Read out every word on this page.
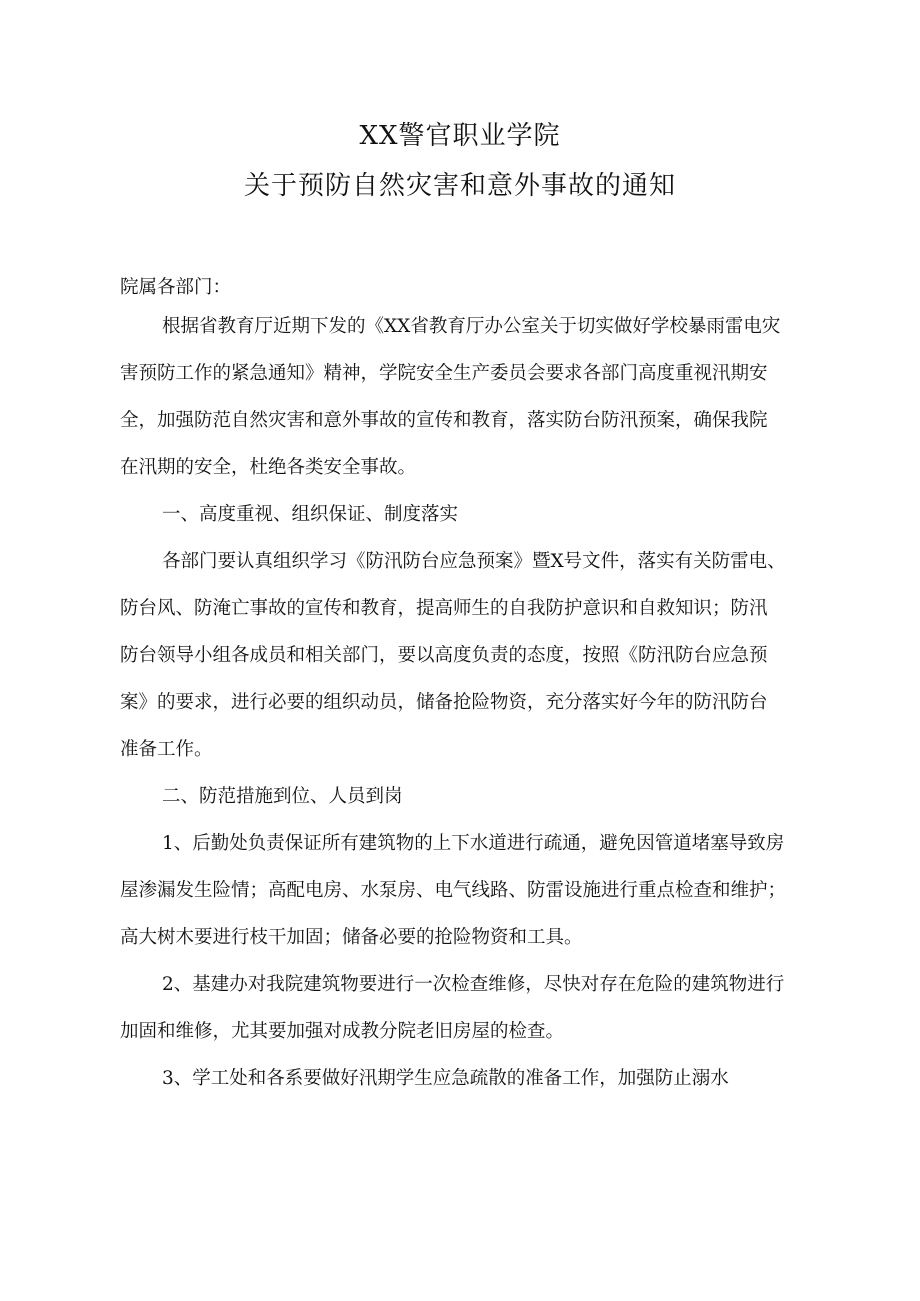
XX警官职业学院
关于预防自然灾害和意外事故的通知
院属各部门：
根据省教育厅近期下发的《XX省教育厅办公室关于切实做好学校暴雨雷电灾
害预防工作的紧急通知》精神，学院安全生产委员会要求各部门高度重视汛期安
全，加强防范自然灾害和意外事故的宣传和教育，落实防台防汛预案，确保我院
在汛期的安全，杜绝各类安全事故。
一、高度重视、组织保证、制度落实
各部门要认真组织学习《防汛防台应急预案》暨X号文件，落实有关防雷电、
防台风、防淹亡事故的宣传和教育，提高师生的自我防护意识和自救知识；防汛
防台领导小组各成员和相关部门，要以高度负责的态度，按照《防汛防台应急预
案》的要求，进行必要的组织动员，储备抢险物资，充分落实好今年的防汛防台
准备工作。
二、防范措施到位、人员到岗
1、后勤处负责保证所有建筑物的上下水道进行疏通，避免因管道堵塞导致房
屋渗漏发生险情；高配电房、水泵房、电气线路、防雷设施进行重点检查和维护；
高大树木要进行枝干加固；储备必要的抢险物资和工具。
2、基建办对我院建筑物要进行一次检查维修，尽快对存在危险的建筑物进行
加固和维修，尤其要加强对成教分院老旧房屋的检查。
3、学工处和各系要做好汛期学生应急疏散的准备工作，加强防止溺水
